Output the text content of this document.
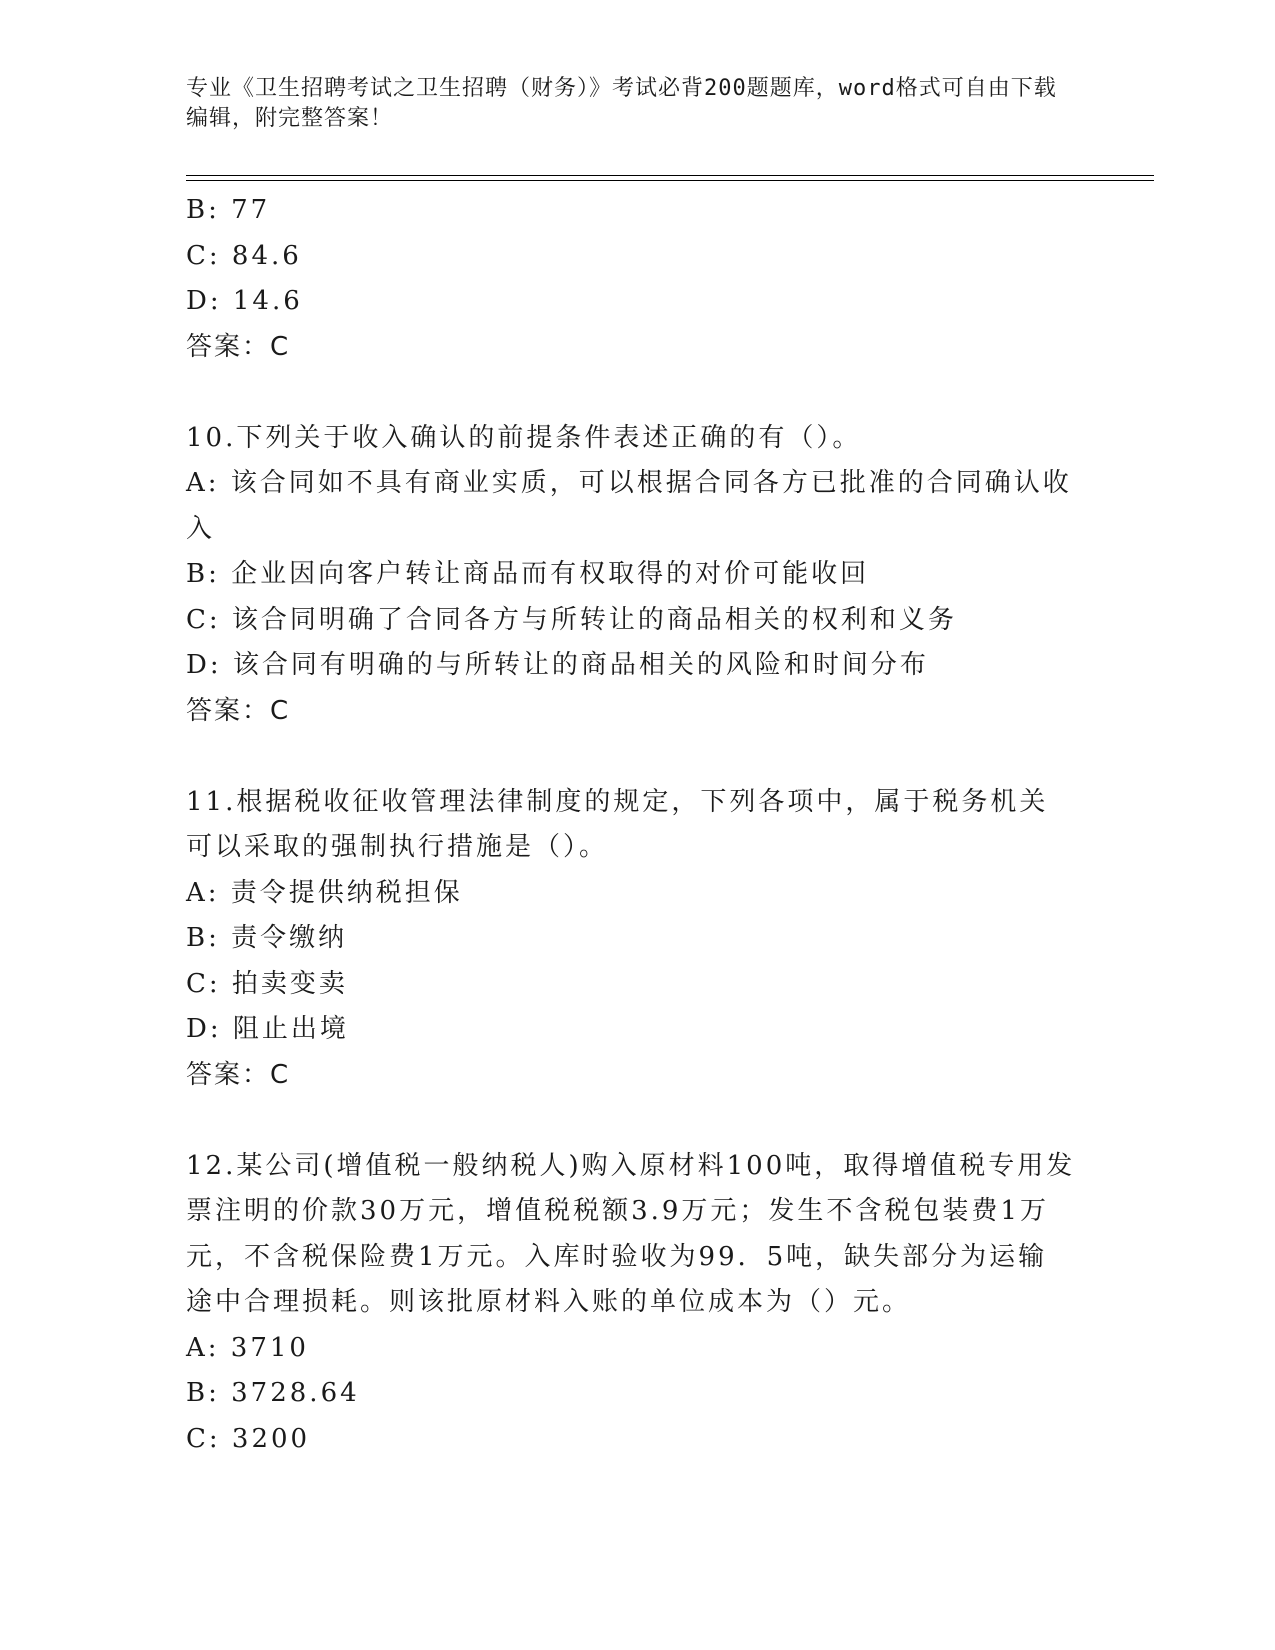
专业《卫生招聘考试之卫生招聘（财务）》考试必背200题题库，word格式可自由下载编辑，附完整答案！
B: 77
C: 84.6
D: 14.6
答案：C
10.下列关于收入确认的前提条件表述正确的有（）。
A: 该合同如不具有商业实质，可以根据合同各方已批准的合同确认收入
B: 企业因向客户转让商品而有权取得的对价可能收回
C: 该合同明确了合同各方与所转让的商品相关的权利和义务
D: 该合同有明确的与所转让的商品相关的风险和时间分布
答案：C
11.根据税收征收管理法律制度的规定，下列各项中，属于税务机关可以采取的强制执行措施是（）。
A: 责令提供纳税担保
B: 责令缴纳
C: 拍卖变卖
D: 阻止出境
答案：C
12.某公司(增值税一般纳税人)购入原材料100吨，取得增值税专用发票注明的价款30万元，增值税税额3.9万元；发生不含税包装费1万元，不含税保险费1万元。入库时验收为99．5吨，缺失部分为运输途中合理损耗。则该批原材料入账的单位成本为（）元。
A: 3710
B: 3728.64
C: 3200
